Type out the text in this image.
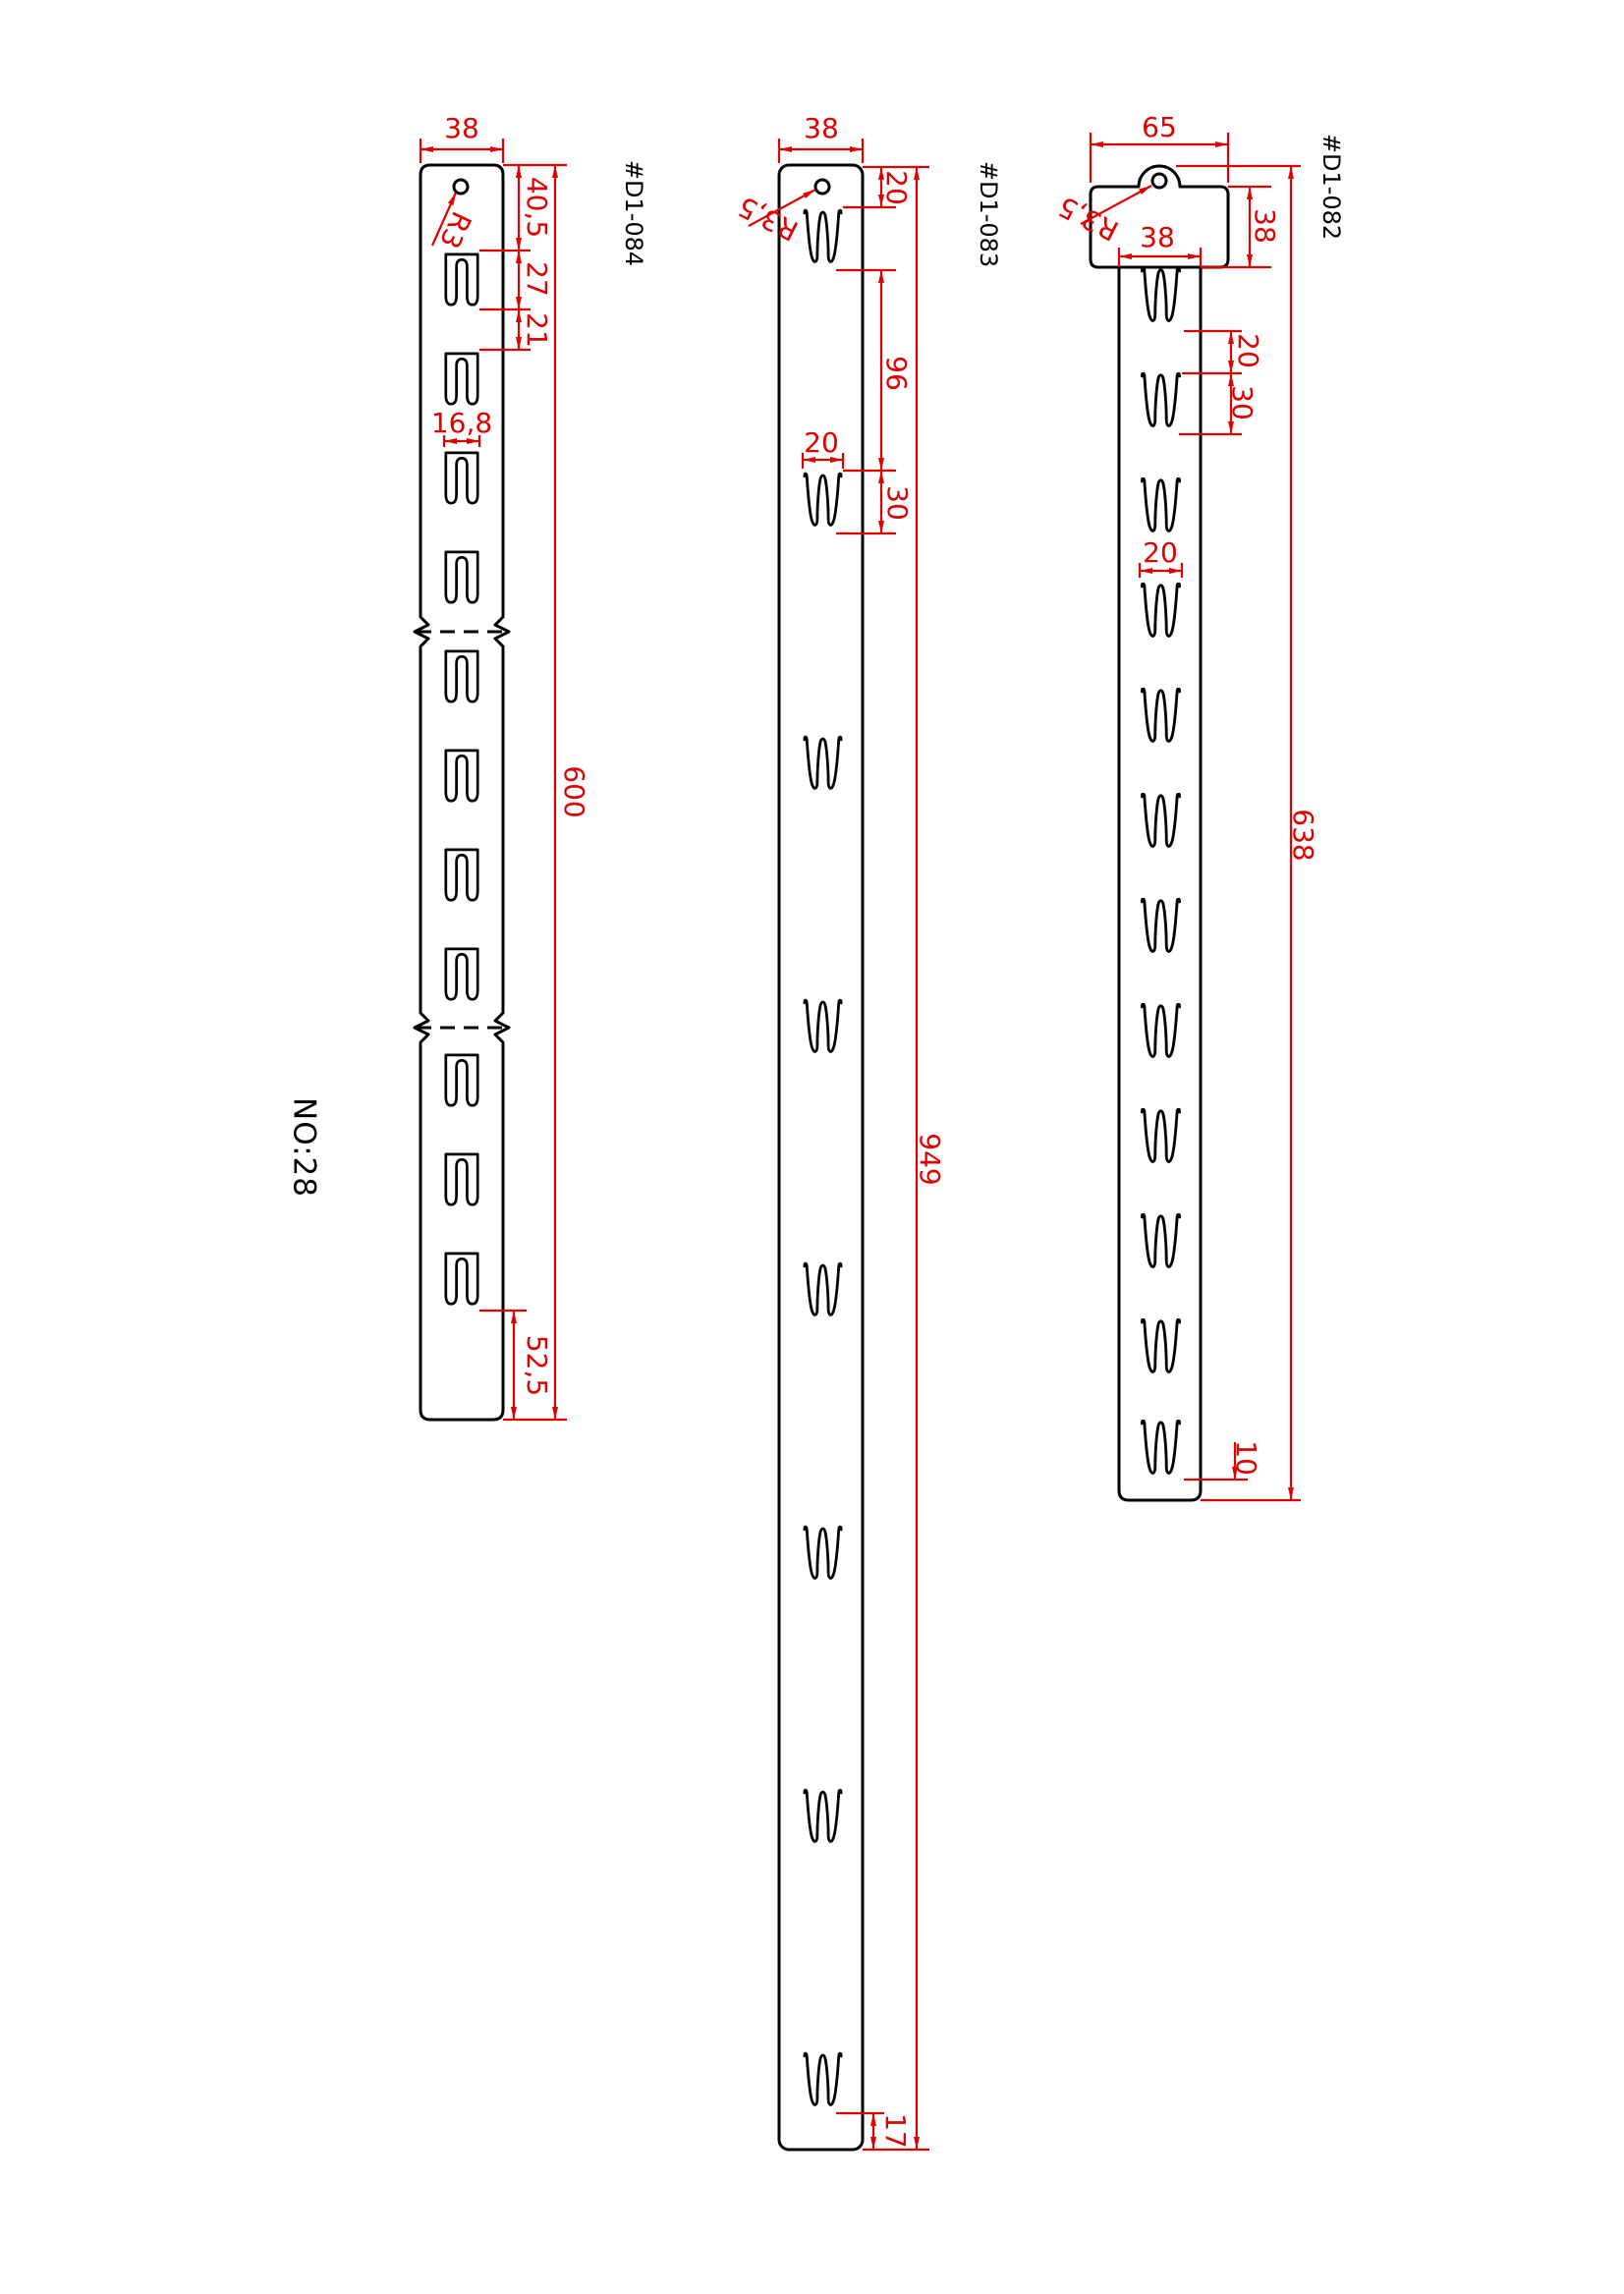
38
40,5
27
21
R3
16,8
600
52,5
#D1-084
38
R3,5
20
96
20
30
949
17
#D1-083
65
R3,5	38
38
20
30
20
638
10
#D1-082
NO:28
